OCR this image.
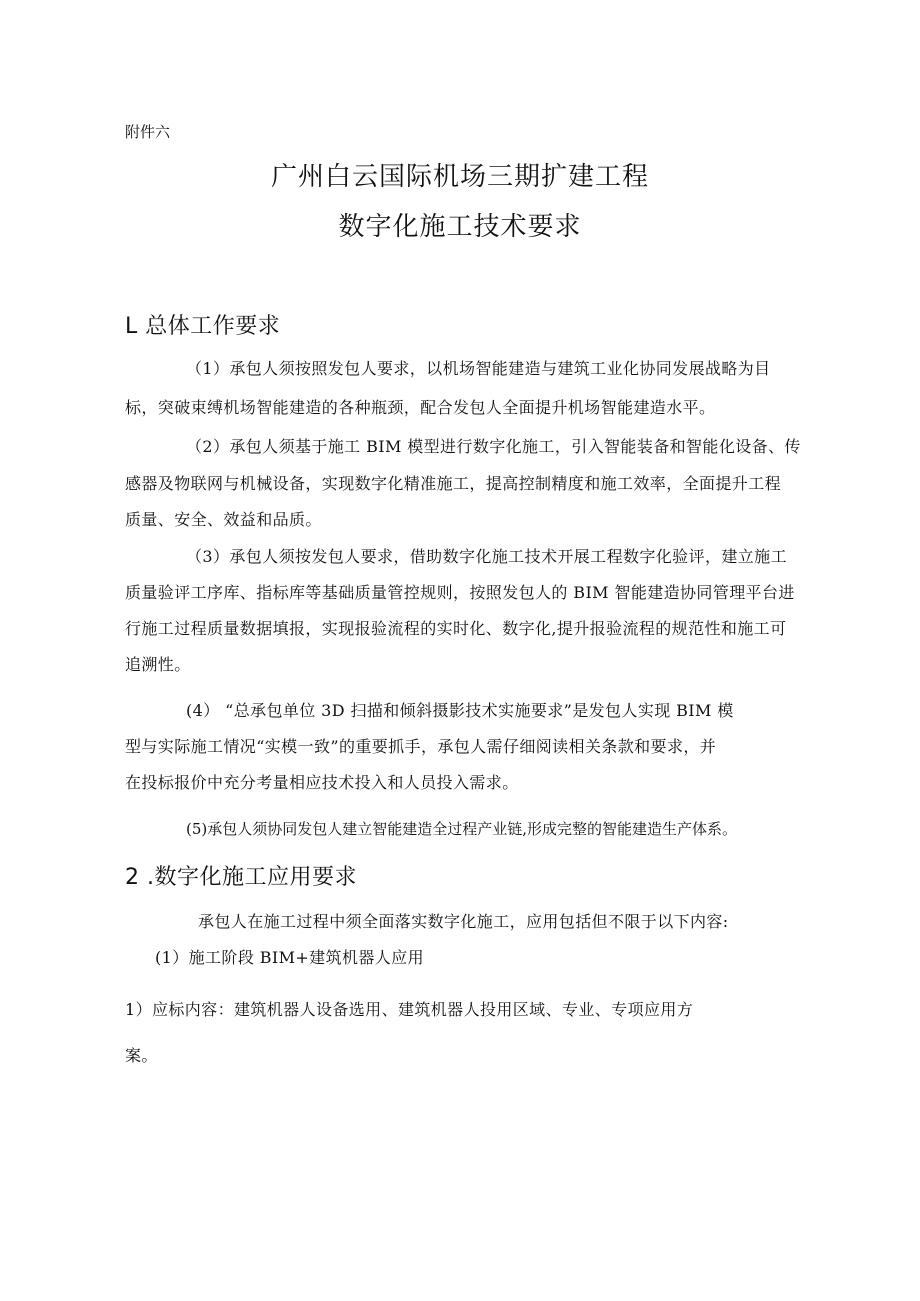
附件六
广州白云国际机场三期扩建工程
数字化施工技术要求
L 总体工作要求
（1）承包人须按照发包人要求，以机场智能建造与建筑工业化协同发展战略为目
标，突破束缚机场智能建造的各种瓶颈，配合发包人全面提升机场智能建造水平。
（2）承包人须基于施工 BIM 模型进行数字化施工，引入智能装备和智能化设备、传
感器及物联网与机械设备，实现数字化精准施工，提高控制精度和施工效率，全面提升工程
质量、安全、效益和品质。
（3）承包人须按发包人要求，借助数字化施工技术开展工程数字化验评，建立施工
质量验评工序库、指标库等基础质量管控规则，按照发包人的 BIM 智能建造协同管理平台进
行施工过程质量数据填报，实现报验流程的实时化、数字化,提升报验流程的规范性和施工可
追溯性。
(4） “总承包单位 3D 扫描和倾斜摄影技术实施要求”是发包人实现 BIM 模
型与实际施工情况“实模一致”的重要抓手，承包人需仔细阅读相关条款和要求，并
在投标报价中充分考量相应技术投入和人员投入需求。
(5)承包人须协同发包人建立智能建造全过程产业链,形成完整的智能建造生产体系。
2 .数字化施工应用要求
承包人在施工过程中须全面落实数字化施工，应用包括但不限于以下内容:
(1）施工阶段 BIM+建筑机器人应用
1）应标内容：建筑机器人设备选用、建筑机器人投用区域、专业、专项应用方
案。
